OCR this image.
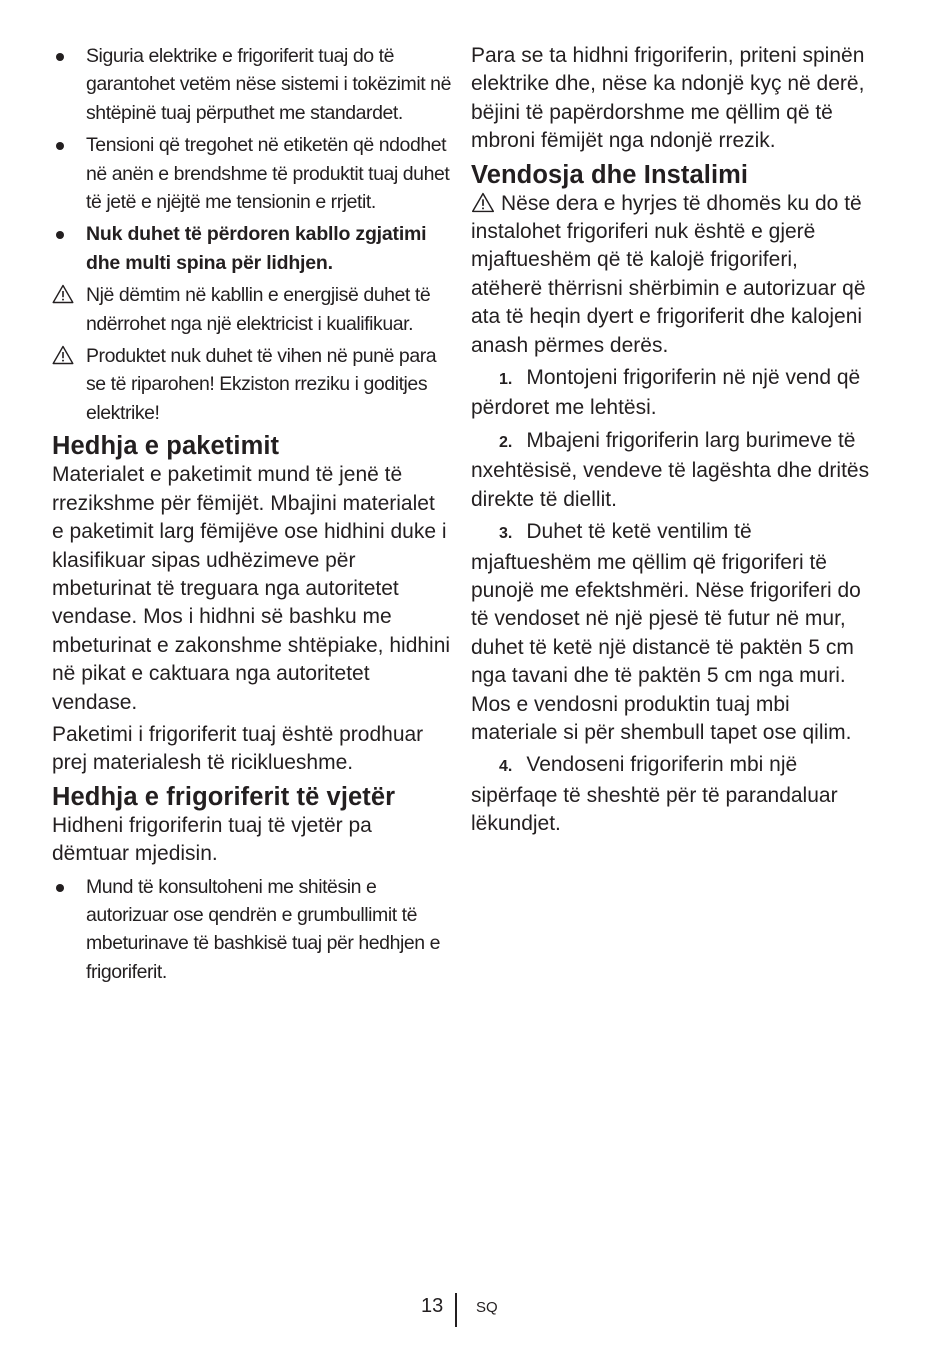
Siguria elektrike e frigoriferit tuaj do të garantohet vetëm nëse sistemi i tokëzimit në shtëpinë tuaj përputhet me standardet.
Tensioni që tregohet në etiketën që ndodhet në anën e brendshme të produktit tuaj duhet të jetë e njëjtë me tensionin e rrjetit.
Nuk duhet të përdoren kabllo zgjatimi dhe multi spina për lidhjen.
Një dëmtim në kabllin e energjisë duhet të ndërrohet nga një elektricist i kualifikuar.
Produktet nuk duhet të vihen në punë para se të riparohen! Ekziston rreziku i goditjes elektrike!
Hedhja e paketimit

Materialet e paketimit mund të jenë të rrezikshme për fëmijët. Mbajini materialet e paketimit larg fëmijëve ose hidhini duke i klasifikuar sipas udhëzimeve për mbeturinat të treguara nga autoritetet vendase. Mos i hidhni së bashku me mbeturinat e zakonshme shtëpiake, hidhini në pikat e caktuara nga autoritetet vendase.

Paketimi i frigoriferit tuaj është prodhuar prej materialesh të ricikluеshme.

Hedhja e frigoriferit të vjetër

Hidheni frigoriferin tuaj të vjetër pa dëmtuar mjedisin.

Mund të konsultoheni me shitësin e autorizuar ose qendrën e grumbullimit të mbeturinave të bashkisë tuaj për hedhjen e frigoriferit.

Para se ta hidhni frigoriferin, priteni spinën elektrike dhe, nëse ka ndonjë kyç në derë, bëjini të papërdorshme me qëllim që të mbroni fëmijët nga ndonjë rrezik.

Vendosja dhe Instalimi

Nëse dera e hyrjes të dhomës ku do të instalohet frigoriferi nuk është e gjerë mjaftueshëm që të kalojë frigoriferi, atëherë thërrisni shërbimin e autorizuar që ata të heqin dyert e frigoriferit dhe kalojeni anash përmes derës.

1. Montojeni frigoriferin në një vend që përdoret me lehtësi.

2. Mbajeni frigoriferin larg burimeve të nxehtësisë, vendeve të lagështa dhe dritës direkte të diellit.

3. Duhet të ketë ventilim të mjaftueshëm me qëllim që frigoriferi të punojë me efektshmëri. Nëse frigoriferi do të vendoset në një pjesë të futur në mur, duhet të ketë një distancë të paktën 5 cm nga tavani dhe të paktën 5 cm nga muri. Mos e vendosni produktin tuaj mbi materiale si për shembull tapet ose qilim.

4. Vendoseni frigoriferin mbi një sipërfaqe të sheshtë për të parandaluar lëkundjet.

13 SQ
